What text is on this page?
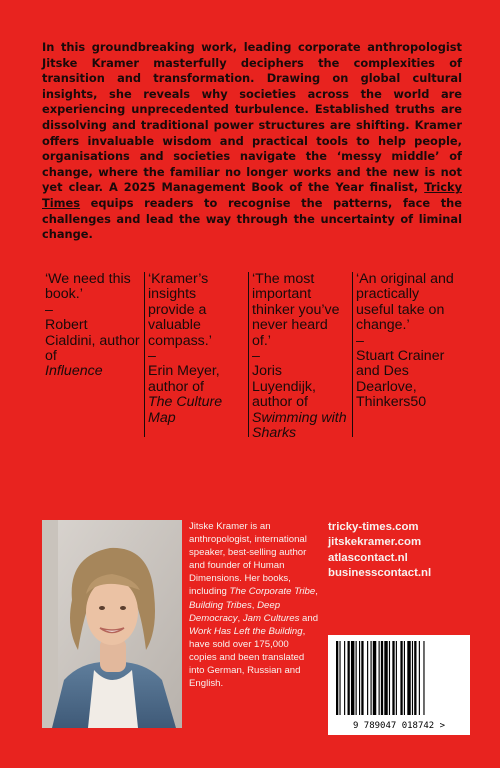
In this groundbreaking work, leading corporate anthropologist Jitske Kramer masterfully deciphers the complexities of transition and transformation. Drawing on global cultural insights, she reveals why societies across the world are experiencing unprecedented turbulence. Established truths are dissolving and traditional power structures are shifting. Kramer offers invaluable wisdom and practical tools to help people, organisations and societies navigate the ‘messy middle’ of change, where the familiar no longer works and the new is not yet clear. A 2025 Management Book of the Year finalist, Tricky Times equips readers to recognise the patterns, face the challenges and lead the way through the uncertainty of liminal change.
‘We need this book.’
–
Robert Cialdini, author of
Influence
‘Kramer’s insights provide a valuable compass.’
–
Erin Meyer, author of
The Culture Map
‘The most important thinker you’ve never heard of.’
–
Joris Luyendijk, author of
Swimming with Sharks
‘An original and practically useful take on change.’
–
Stuart Crainer and Des Dearlove, Thinkers50
Jitske Kramer is an anthropologist, international speaker, best-selling author and founder of Human Dimensions. Her books, including The Corporate Tribe, Building Tribes, Deep Democracy, Jam Cultures and Work Has Left the Building, have sold over 175,000 copies and been translated into German, Russian and English.
tricky-times.com
jitskekramer.com
atlascontact.nl
businesscontact.nl
9 789047 018742 >
